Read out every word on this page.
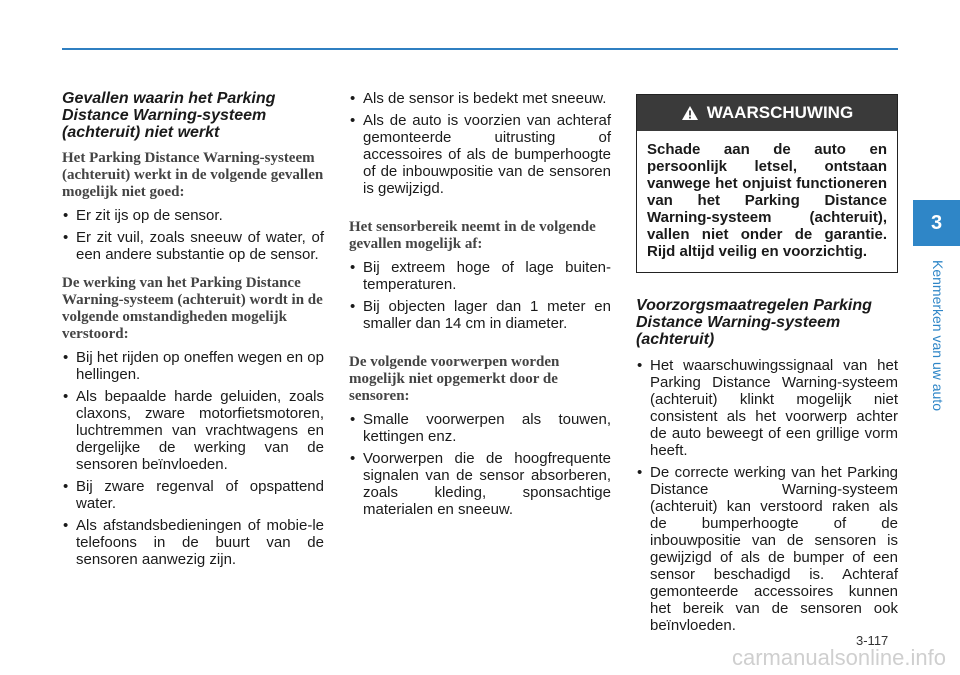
Gevallen waarin het Parking Distance Warning-systeem (achteruit) niet werkt
Het Parking Distance Warning-systeem (achteruit) werkt in de volgende gevallen mogelijk niet goed:
• Er zit ijs op de sensor.
• Er zit vuil, zoals sneeuw of water, of een andere substantie op de sensor.
De werking van het Parking Distance Warning-systeem (achteruit) wordt in de volgende omstandigheden mogelijk verstoord:
• Bij het rijden op oneffen wegen en op hellingen.
• Als bepaalde harde geluiden, zoals claxons, zware motorfietsmotoren, luchtremmen van vrachtwagens en dergelijke de werking van de sensoren beïnvloeden.
• Bij zware regenval of opspattend water.
• Als afstandsbedieningen of mobie-le telefoons in de buurt van de sensoren aanwezig zijn.
• Als de sensor is bedekt met sneeuw.
• Als de auto is voorzien van achteraf gemonteerde uitrusting of accessoires of als de bumperhoogte of de inbouwpositie van de sensoren is gewijzigd.
Het sensorbereik neemt in de volgende gevallen mogelijk af:
• Bij extreem hoge of lage buiten-temperaturen.
• Bij objecten lager dan 1 meter en smaller dan 14 cm in diameter.
De volgende voorwerpen worden mogelijk niet opgemerkt door de sensoren:
• Smalle voorwerpen als touwen, kettingen enz.
• Voorwerpen die de hoogfrequente signalen van de sensor absorberen, zoals kleding, sponsachtige materialen en sneeuw.
WAARSCHUWING
Schade aan de auto en persoonlijk letsel, ontstaan vanwege het onjuist functioneren van het Parking Distance Warning-systeem (achteruit), vallen niet onder de garantie. Rijd altijd veilig en voorzichtig.
Voorzorgsmaatregelen Parking Distance Warning-systeem (achteruit)
• Het waarschuwingssignaal van het Parking Distance Warning-systeem (achteruit) klinkt mogelijk niet consistent als het voorwerp achter de auto beweegt of een grillige vorm heeft.
• De correcte werking van het Parking Distance Warning-systeem (achteruit) kan verstoord raken als de bumperhoogte of de inbouwpositie van de sensoren is gewijzigd of als de bumper of een sensor beschadigd is. Achteraf gemonteerde accessoires kunnen het bereik van de sensoren ook beïnvloeden.
3
Kenmerken van uw auto
3-117
carmanualsonline.info
